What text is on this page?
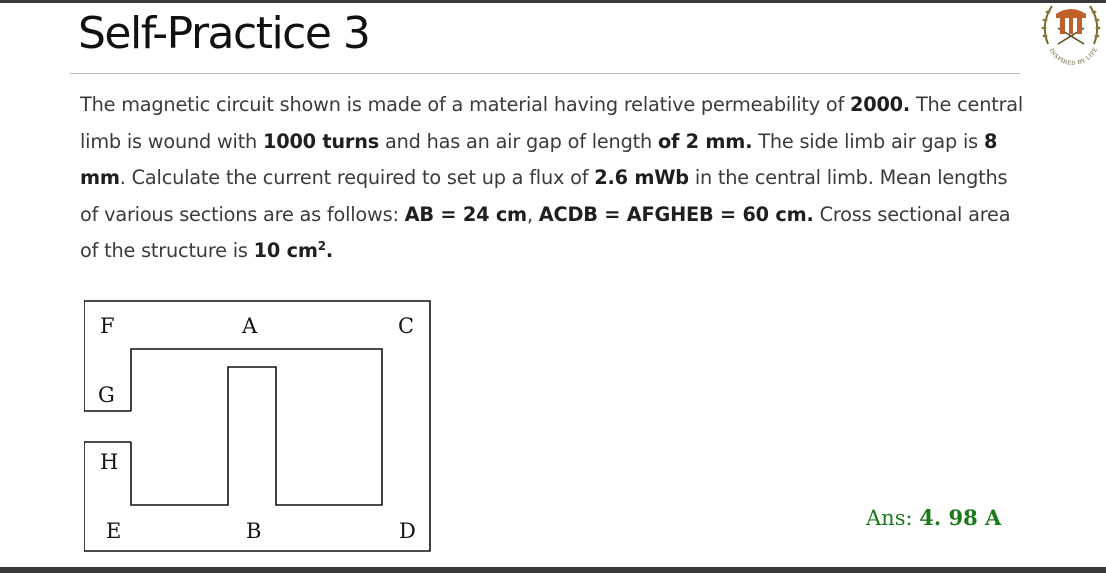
Self-Practice 3	INSPIRED BY LIFE
The magnetic circuit shown is made of a material having relative permeability of 2000. The central limb is wound with 1000 turns and has an air gap of length of 2 mm. The side limb air gap is 8 mm. Calculate the current required to set up a flux of 2.6 mWb in the central limb. Mean lengths of various sections are as follows: AB = 24 cm, ACDB = AFGHEB = 60 cm. Cross sectional area of the structure is 10 $cm^2$.
F	A	C
G
H
E	B	D
Ans: 4. 98 A
